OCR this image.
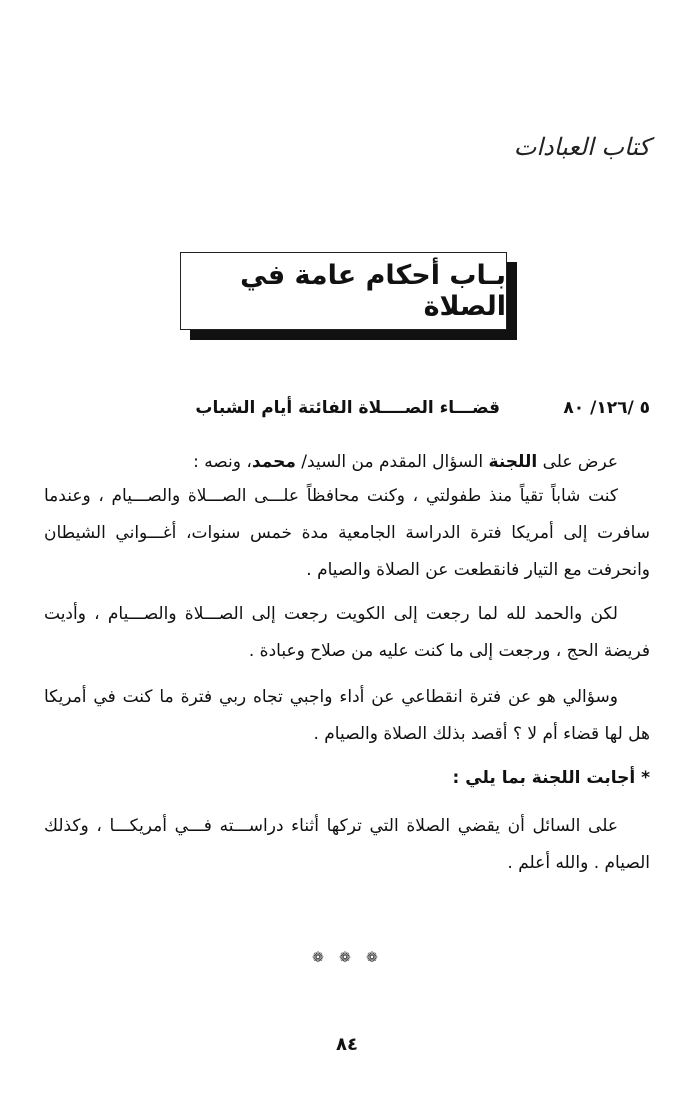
كتاب العبادات
بـاب أحكام عامة في الصلاة
٥ /١٢٦/ ٨٠
قضـــاء الصــــلاة الفائتة أيام الشباب
عرض على اللجنة السؤال المقدم من السيد/ محمد، ونصه :
كنت شاباً تقياً منذ طفولتي ، وكنت محافظاً علـــى الصـــلاة والصـــيام ، وعندما سافرت إلى أمريكا فترة الدراسة الجامعية مدة خمس سنوات، أغـــواني الشيطان وانحرفت مع التيار فانقطعت عن الصلاة والصيام .
لكن والحمد لله لما رجعت إلى الكويت رجعت إلى الصـــلاة والصـــيام ، وأديت فريضة الحج ، ورجعت إلى ما كنت عليه من صلاح وعبادة .
وسؤالي هو عن فترة انقطاعي عن أداء واجبي تجاه ربي فترة ما كنت في أمريكا هل لها قضاء أم لا ؟ أقصد بذلك الصلاة والصيام .
* أجابت اللجنة بما يلي :
على السائل أن يقضي الصلاة التي تركها أثناء دراســـته فـــي أمريكـــا ، وكذلك الصيام . والله أعلم .
❁ ❁ ❁
٨٤
